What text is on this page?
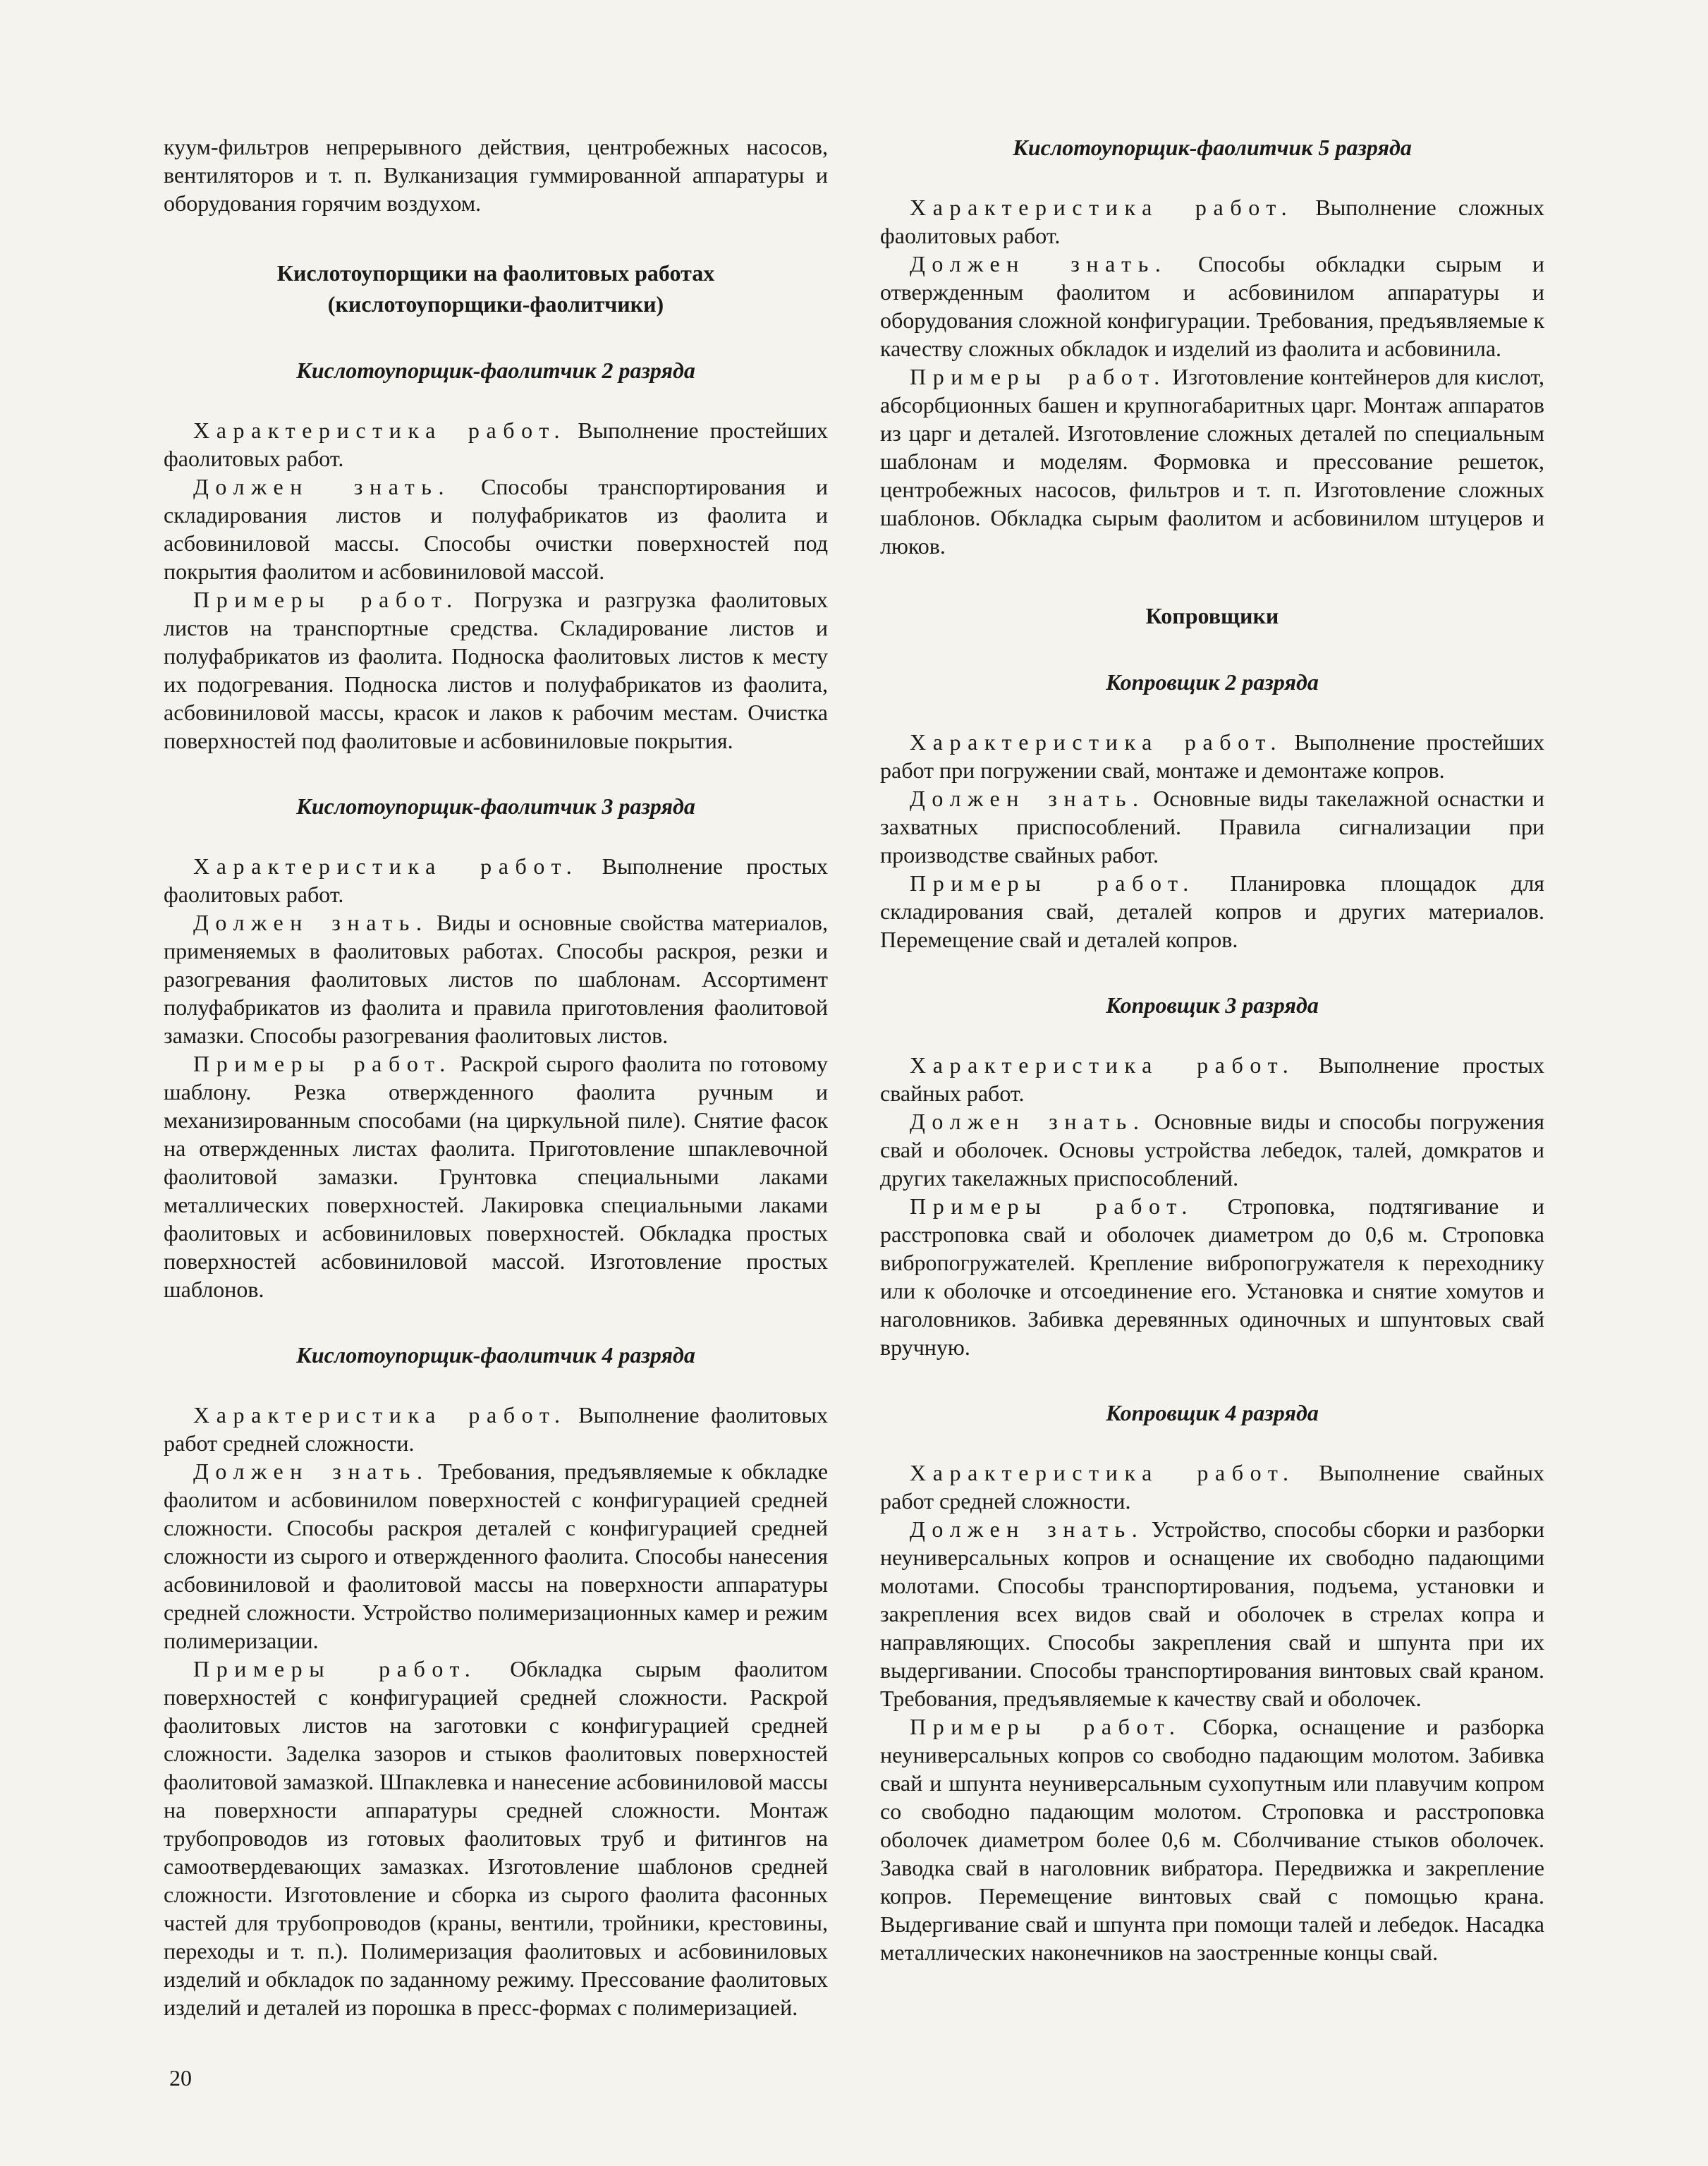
куум-фильтров непрерывного действия, центробежных насосов, вентиляторов и т. п. Вулканизация гуммированной аппаратуры и оборудования горячим воздухом.

Кислотоупорщики на фаолитовых работах
(кислотоупорщики-фаолитчики)
Кислотоупорщик-фаолитчик 2 разряда

Характеристика работ. Выполнение простейших фаолитовых работ.

Должен знать. Способы транспортирования и складирования листов и полуфабрикатов из фаолита и асбовиниловой массы. Способы очистки поверхностей под покрытия фаолитом и асбовиниловой массой.

Примеры работ. Погрузка и разгрузка фаолитовых листов на транспортные средства. Складирование листов и полуфабрикатов из фаолита. Подноска фаолитовых листов к месту их подогревания. Подноска листов и полуфабрикатов из фаолита, асбовиниловой массы, красок и лаков к рабочим местам. Очистка поверхностей под фаолитовые и асбовиниловые покрытия.

Кислотоупорщик-фаолитчик 3 разряда

Характеристика работ. Выполнение простых фаолитовых работ.

Должен знать. Виды и основные свойства материалов, применяемых в фаолитовых работах. Способы раскроя, резки и разогревания фаолитовых листов по шаблонам. Ассортимент полуфабрикатов из фаолита и правила приготовления фаолитовой замазки. Способы разогревания фаолитовых листов.

Примеры работ. Раскрой сырого фаолита по готовому шаблону. Резка отвержденного фаолита ручным и механизированным способами (на циркульной пиле). Снятие фасок на отвержденных листах фаолита. Приготовление шпаклевочной фаолитовой замазки. Грунтовка специальными лаками металлических поверхностей. Лакировка специальными лаками фаолитовых и асбовиниловых поверхностей. Обкладка простых поверхностей асбовиниловой массой. Изготовление простых шаблонов.

Кислотоупорщик-фаолитчик 4 разряда

Характеристика работ. Выполнение фаолитовых работ средней сложности.

Должен знать. Требования, предъявляемые к обкладке фаолитом и асбовинилом поверхностей с конфигурацией средней сложности. Способы раскроя деталей с конфигурацией средней сложности из сырого и отвержденного фаолита. Способы нанесения асбовиниловой и фаолитовой массы на поверхности аппаратуры средней сложности. Устройство полимеризационных камер и режим полимеризации.

Примеры работ. Обкладка сырым фаолитом поверхностей с конфигурацией средней сложности. Раскрой фаолитовых листов на заготовки с конфигурацией средней сложности. Заделка зазоров и стыков фаолитовых поверхностей фаолитовой замазкой. Шпаклевка и нанесение асбовиниловой массы на поверхности аппаратуры средней сложности. Монтаж трубопроводов из готовых фаолитовых труб и фитингов на самоотвердевающих замазках. Изготовление шаблонов средней сложности. Изготовление и сборка из сырого фаолита фасонных частей для трубопроводов (краны, вентили, тройники, крестовины, переходы и т. п.). Полимеризация фаолитовых и асбовиниловых изделий и обкладок по заданному режиму. Прессование фаолитовых изделий и деталей из порошка в пресс-формах с полимеризацией.

Кислотоупорщик-фаолитчик 5 разряда

Характеристика работ. Выполнение сложных фаолитовых работ.

Должен знать. Способы обкладки сырым и отвержденным фаолитом и асбовинилом аппаратуры и оборудования сложной конфигурации. Требования, предъявляемые к качеству сложных обкладок и изделий из фаолита и асбовинила.

Примеры работ. Изготовление контейнеров для кислот, абсорбционных башен и крупногабаритных царг. Монтаж аппаратов из царг и деталей. Изготовление сложных деталей по специальным шаблонам и моделям. Формовка и прессование решеток, центробежных насосов, фильтров и т. п. Изготовление сложных шаблонов. Обкладка сырым фаолитом и асбовинилом штуцеров и люков.

Копровщики
Копровщик 2 разряда

Характеристика работ. Выполнение простейших работ при погружении свай, монтаже и демонтаже копров.

Должен знать. Основные виды такелажной оснастки и захватных приспособлений. Правила сигнализации при производстве свайных работ.

Примеры работ. Планировка площадок для складирования свай, деталей копров и других материалов. Перемещение свай и деталей копров.

Копровщик 3 разряда

Характеристика работ. Выполнение простых свайных работ.

Должен знать. Основные виды и способы погружения свай и оболочек. Основы устройства лебедок, талей, домкратов и других такелажных приспособлений.

Примеры работ. Строповка, подтягивание и расстроповка свай и оболочек диаметром до 0,6 м. Строповка вибропогружателей. Крепление вибропогружателя к переходнику или к оболочке и отсоединение его. Установка и снятие хомутов и наголовников. Забивка деревянных одиночных и шпунтовых свай вручную.

Копровщик 4 разряда

Характеристика работ. Выполнение свайных работ средней сложности.

Должен знать. Устройство, способы сборки и разборки неуниверсальных копров и оснащение их свободно падающими молотами. Способы транспортирования, подъема, установки и закрепления всех видов свай и оболочек в стрелах копра и направляющих. Способы закрепления свай и шпунта при их выдергивании. Способы транспортирования винтовых свай краном. Требования, предъявляемые к качеству свай и оболочек.

Примеры работ. Сборка, оснащение и разборка неуниверсальных копров со свободно падающим молотом. Забивка свай и шпунта неуниверсальным сухопутным или плавучим копром со свободно падающим молотом. Строповка и расстроповка оболочек диаметром более 0,6 м. Сболчивание стыков оболочек. Заводка свай в наголовник вибратора. Передвижка и закрепление копров. Перемещение винтовых свай с помощью крана. Выдергивание свай и шпунта при помощи талей и лебедок. Насадка металлических наконечников на заостренные концы свай.

20
